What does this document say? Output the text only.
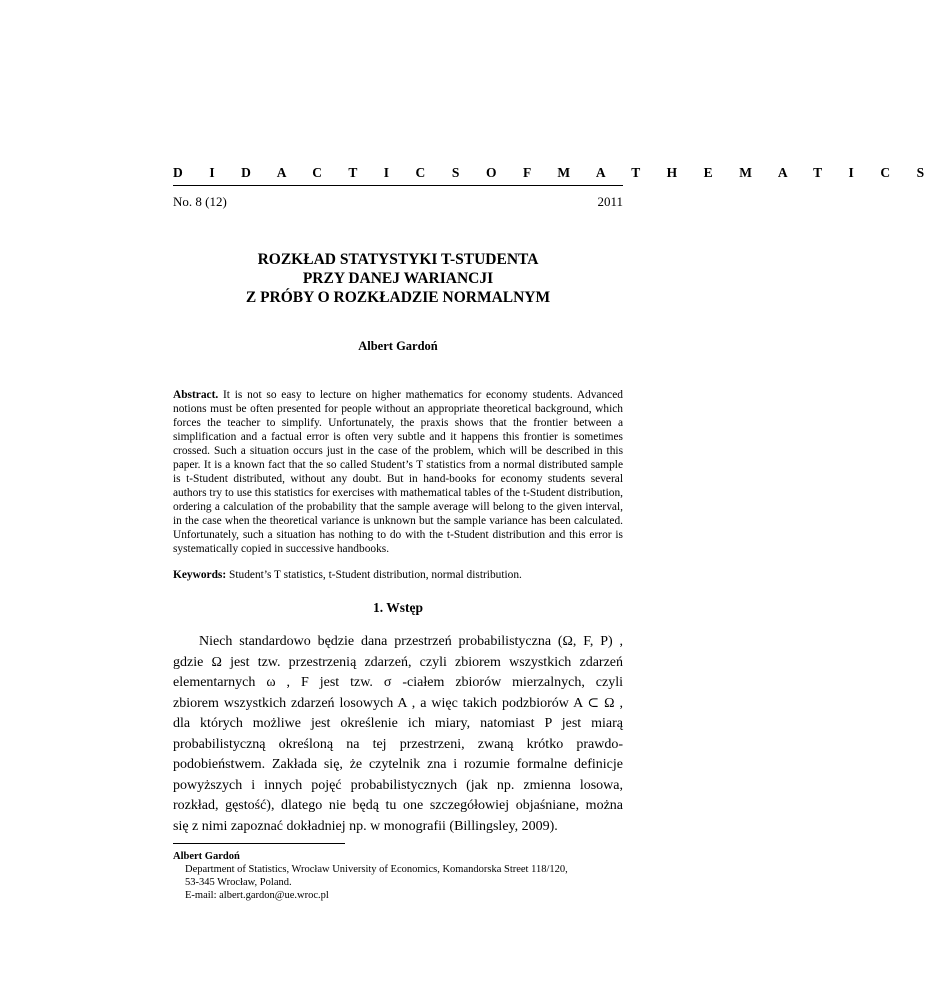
D I D A C T I C S O F M A T H E M A T I C S
No. 8 (12)	2011
ROZKŁAD STATYSTYKI T-STUDENTA
PRZY DANEJ WARIANCJI
Z PRÓBY O ROZKŁADZIE NORMALNYM
Albert Gardoń
Abstract. It is not so easy to lecture on higher mathematics for economy students. Advanced notions must be often presented for people without an appropriate theoretical background, which forces the teacher to simplify. Unfortunately, the praxis shows that the frontier between a simplification and a factual error is often very subtle and it happens this frontier is sometimes crossed. Such a situation occurs just in the case of the problem, which will be described in this paper. It is a known fact that the so called Student’s T statistics from a normal distributed sample is t-Student distributed, without any doubt. But in hand-books for economy students several authors try to use this statistics for exercises with mathematical tables of the t-Student distribution, ordering a calculation of the probability that the sample average will belong to the given interval, in the case when the theoretical variance is unknown but the sample variance has been calculated. Unfortunately, such a situation has nothing to do with the t-Student distribution and this error is systematically copied in successive handbooks.
Keywords: Student’s T statistics, t-Student distribution, normal distribution.
1. Wstęp
Niech standardowo będzie dana przestrzeń probabilistyczna (Ω, F, P) ,
gdzie Ω jest tzw. przestrzenią zdarzeń, czyli zbiorem wszystkich zdarzeń
elementarnych ω , F jest tzw. σ -ciałem zbiorów mierzalnych, czyli
zbiorem wszystkich zdarzeń losowych A , a więc takich podzbiorów A ⊂ Ω ,
dla których możliwe jest określenie ich miary, natomiast P jest miarą
probabilistyczną określoną na tej przestrzeni, zwaną krótko prawdo-
podobieństwem. Zakłada się, że czytelnik zna i rozumie formalne definicje
powyższych i innych pojęć probabilistycznych (jak np. zmienna losowa,
rozkład, gęstość), dlatego nie będą tu one szczegółowiej objaśniane, można
się z nimi zapoznać dokładniej np. w monografii (Billingsley, 2009).
Albert Gardoń
Department of Statistics, Wrocław University of Economics, Komandorska Street 118/120,
53-345 Wrocław, Poland.
E-mail: albert.gardon@ue.wroc.pl
